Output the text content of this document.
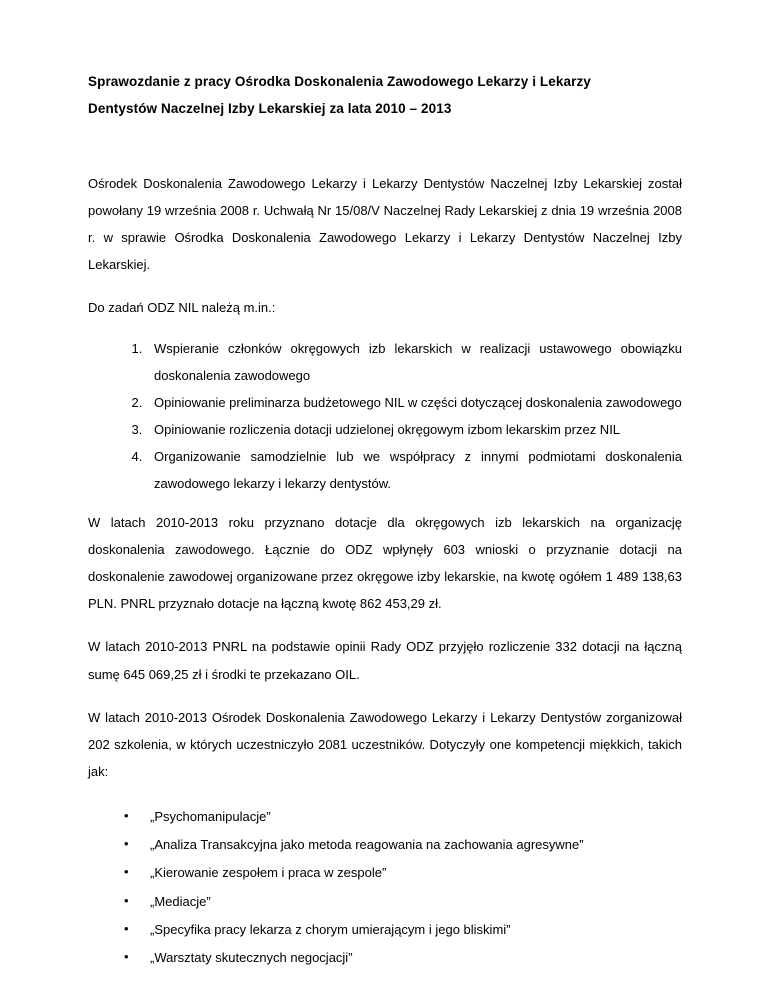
Sprawozdanie z pracy Ośrodka Doskonalenia Zawodowego Lekarzy i Lekarzy
Dentystów Naczelnej Izby Lekarskiej za lata 2010 – 2013

Ośrodek Doskonalenia Zawodowego Lekarzy i Lekarzy Dentystów Naczelnej Izby Lekarskiej został powołany 19 września 2008 r. Uchwałą Nr 15/08/V Naczelnej Rady Lekarskiej z dnia 19 września 2008 r. w sprawie Ośrodka Doskonalenia Zawodowego Lekarzy i Lekarzy Dentystów Naczelnej Izby Lekarskiej.

Do zadań ODZ NIL należą m.in.:

1. Wspieranie członków okręgowych izb lekarskich w realizacji ustawowego obowiązku doskonalenia zawodowego
2. Opiniowanie preliminarza budżetowego NIL w części dotyczącej doskonalenia zawodowego
3. Opiniowanie rozliczenia dotacji udzielonej okręgowym izbom lekarskim przez NIL
4. Organizowanie samodzielnie lub we współpracy z innymi podmiotami doskonalenia zawodowego lekarzy i lekarzy dentystów.

W latach 2010-2013 roku przyznano dotacje dla okręgowych izb lekarskich na organizację doskonalenia zawodowego. Łącznie do ODZ wpłynęły 603 wnioski o przyznanie dotacji na doskonalenie zawodowej organizowane przez okręgowe izby lekarskie, na kwotę ogółem 1 489 138,63 PLN. PNRL przyznało dotacje na łączną kwotę 862 453,29 zł.

W latach 2010-2013 PNRL na podstawie opinii Rady ODZ przyjęło rozliczenie 332 dotacji na łączną sumę 645 069,25 zł i środki te przekazano OIL.

W latach 2010-2013 Ośrodek Doskonalenia Zawodowego Lekarzy i Lekarzy Dentystów zorganizował 202 szkolenia, w których uczestniczyło 2081 uczestników. Dotyczyły one kompetencji miękkich, takich jak:

• „Psychomanipulacje”
• „Analiza Transakcyjna jako metoda reagowania na zachowania agresywne”
• „Kierowanie zespołem i praca w zespole”
• „Mediacje”
• „Specyfika pracy lekarza z chorym umierającym i jego bliskimi”
• „Warsztaty skutecznych negocjacji”
